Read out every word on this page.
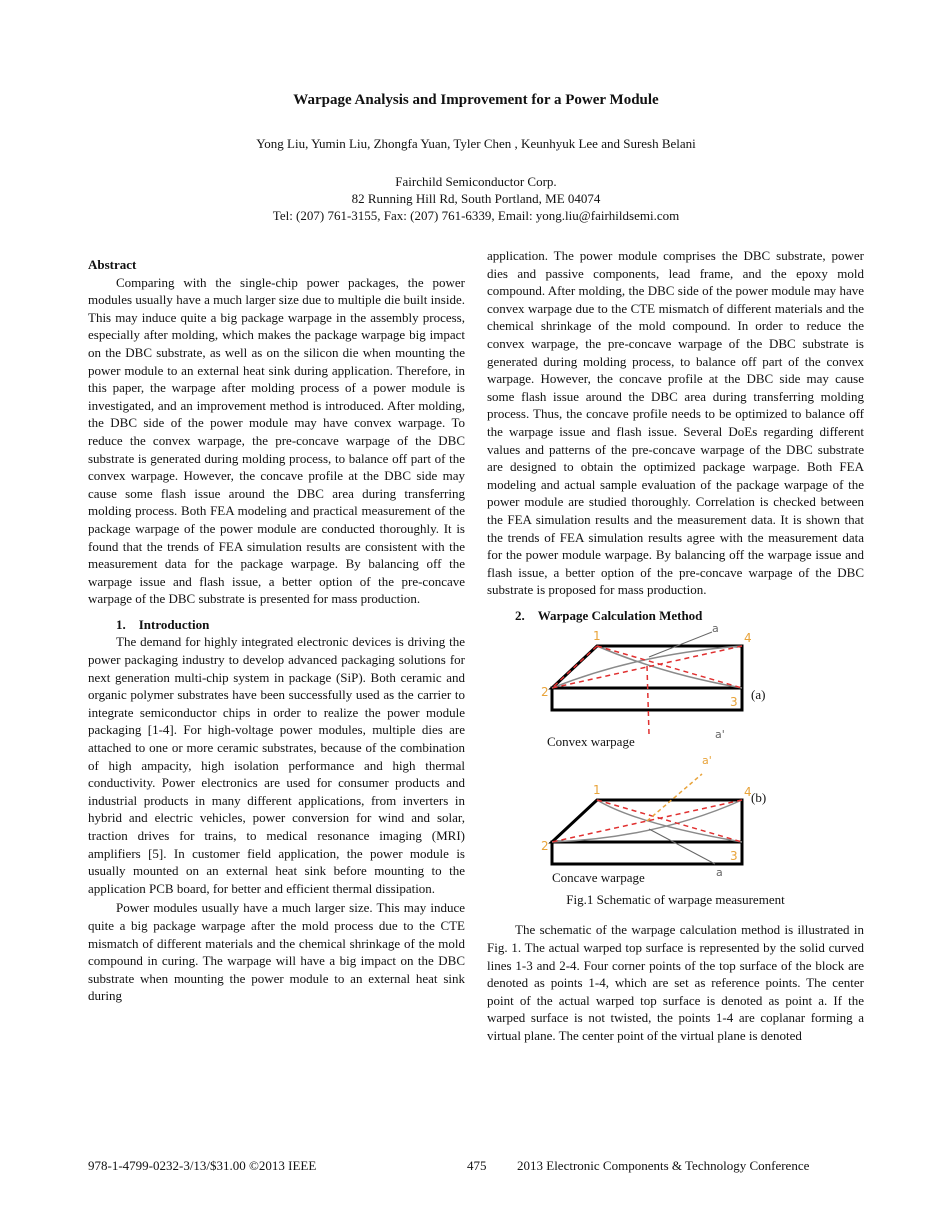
Warpage Analysis and Improvement for a Power Module
Yong Liu, Yumin Liu, Zhongfa Yuan, Tyler Chen , Keunhyuk Lee and Suresh Belani
Fairchild Semiconductor Corp.
82 Running Hill Rd, South Portland, ME 04074
Tel: (207) 761-3155, Fax: (207) 761-6339, Email: yong.liu@fairhildsemi.com

Abstract

Comparing with the single-chip power packages, the power modules usually have a much larger size due to multiple die built inside. This may induce quite a big package warpage in the assembly process, especially after molding, which makes the package warpage big impact on the DBC substrate, as well as on the silicon die when mounting the power module to an external heat sink during application. Therefore, in this paper, the warpage after molding process of a power module is investigated, and an improvement method is introduced. After molding, the DBC side of the power module may have convex warpage. To reduce the convex warpage, the pre-concave warpage of the DBC substrate is generated during molding process, to balance off part of the convex warpage. However, the concave profile at the DBC side may cause some flash issue around the DBC area during transferring molding process. Both FEA modeling and practical measurement of the package warpage of the power module are conducted thoroughly. It is found that the trends of FEA simulation results are consistent with the measurement data for the package warpage. By balancing off the warpage issue and flash issue, a better option of the pre-concave warpage of the DBC substrate is presented for mass production.

1.    Introduction

The demand for highly integrated electronic devices is driving the power packaging industry to develop advanced packaging solutions for next generation multi-chip system in package (SiP). Both ceramic and organic polymer substrates have been successfully used as the carrier to integrate semiconductor chips in order to realize the power module packaging [1-4]. For high-voltage power modules, multiple dies are attached to one or more ceramic substrates, because of the combination of high ampacity, high isolation performance and high thermal conductivity. Power electronics are used for consumer products and industrial products in many different applications, from inverters in hybrid and electric vehicles, power conversion for wind and solar, traction drives for trains, to medical resonance imaging (MRI) amplifiers [5]. In customer field application, the power module is usually mounted on an external heat sink before mounting to the application PCB board, for better and efficient thermal dissipation.

Power modules usually have a much larger size. This may induce quite a big package warpage after the mold process due to the CTE mismatch of different materials and the chemical shrinkage of the mold compound in curing. The warpage will have a big impact on the DBC substrate when mounting the power module to an external heat sink during

application. The power module comprises the DBC substrate, power dies and passive components, lead frame, and the epoxy mold compound. After molding, the DBC side of the power module may have convex warpage due to the CTE mismatch of different materials and the chemical shrinkage of the mold compound. In order to reduce the convex warpage, the pre-concave warpage of the DBC substrate is generated during molding process, to balance off part of the convex warpage. However, the concave profile at the DBC side may cause some flash issue around the DBC area during transferring molding process. Thus, the concave profile needs to be optimized to balance off the warpage issue and flash issue. Several DoEs regarding different values and patterns of the pre-concave warpage of the DBC substrate are designed to obtain the optimized package warpage. Both FEA modeling and actual sample evaluation of the package warpage of the power module are studied thoroughly. Correlation is checked between the FEA simulation results and the measurement data. It is shown that the trends of FEA simulation results agree with the measurement data for the power module warpage. By balancing off the warpage issue and flash issue, a better option of the pre-concave warpage of the DBC substrate is proposed for mass production.

2.    Warpage Calculation Method

1	4
2
3
a
a'
1	4
2
3
a'
a
(a)
Convex warpage
(b)
Concave warpage
Fig.1 Schematic of warpage measurement

The schematic of the warpage calculation method is illustrated in Fig. 1. The actual warped top surface is represented by the solid curved lines 1-3 and 2-4. Four corner points of the top surface of the block are denoted as points 1-4, which are set as reference points. The center point of the actual warped top surface is denoted as point a. If the warped surface is not twisted, the points 1-4 are coplanar forming a virtual plane. The center point of the virtual plane is denoted

978-1-4799-0232-3/13/$31.00 ©2013 IEEE	475 2013 Electronic Components & Technology Conference
